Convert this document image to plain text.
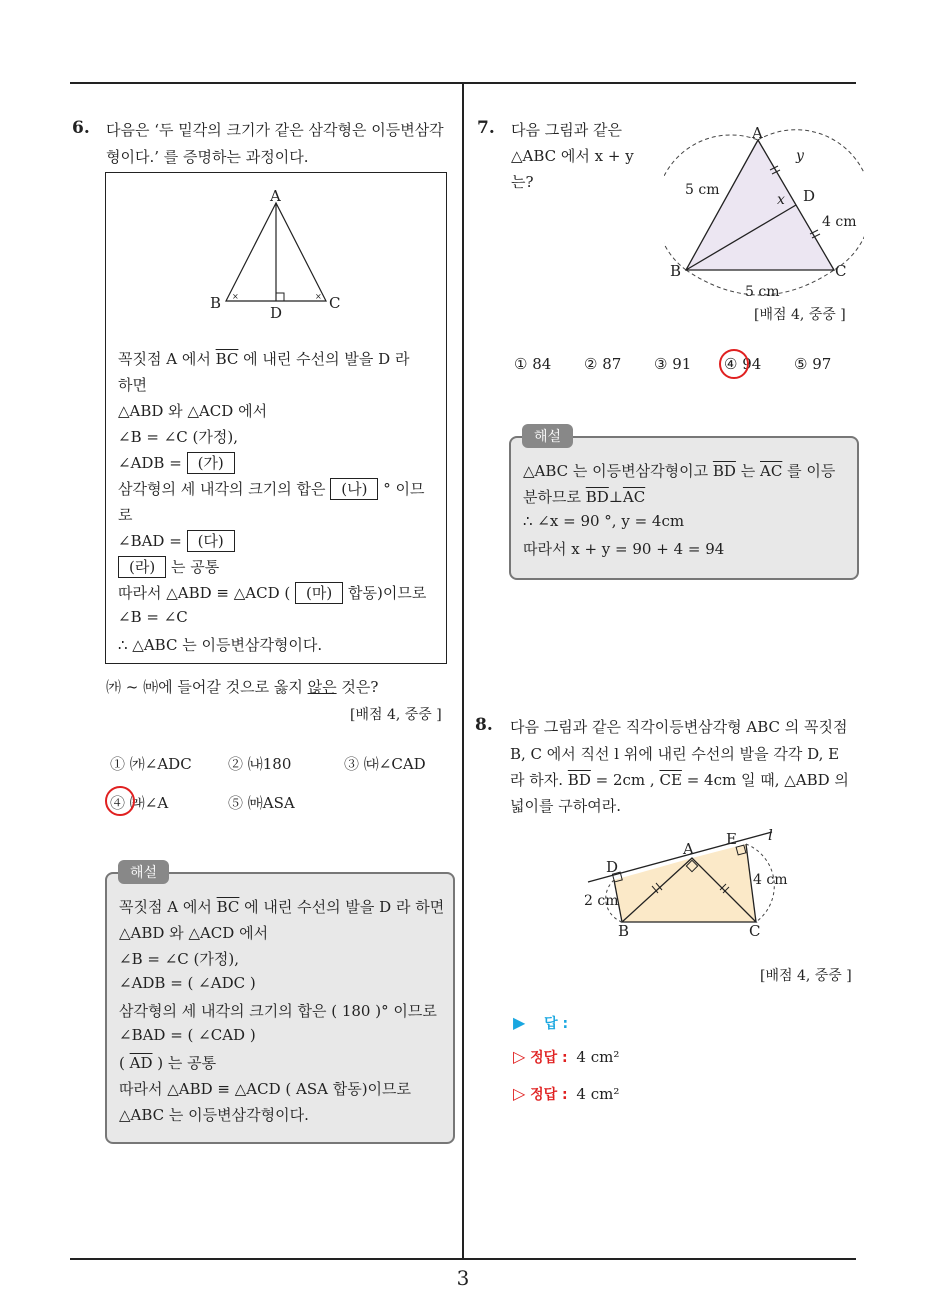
3
6. 다음은 ‘두 밑각의 크기가 같은 삼각형은 이등변삼각
형이다.’ 를 증명하는 과정이다.
×	×
A
B	C
D
꼭짓점 A 에서 $\overline{BC}$ 에 내린 수선의 발을 D 라
하면
△ABD 와 △ACD 에서
∠B = ∠C (가정),
∠ADB = (가)
삼각형의 세 내각의 크기의 합은 (나) ° 이므
로
∠BAD = (다)
(라) 는 공통
따라서 △ABD ≡ △ACD ( (마) 합동)이므로
∠B = ∠C
∴ △ABC 는 이등변삼각형이다.
㈎ ~ ㈒에 들어갈 것으로 옳지 않은 것은?
[배점 4, 중중 ]
① ㈎∠ADC ② ㈏180	③ ㈐∠CAD
④ ㈑∠A	⑤ ㈒ASA
꼭짓점 A 에서 $\overline{BC}$ 에 내린 수선의 발을 D 라 하면
△ABD 와 △ACD 에서
∠B = ∠C (가정),
∠ADB = ( ∠ADC )
삼각형의 세 내각의 크기의 합은 ( 180 )° 이므로
∠BAD = ( ∠CAD )
( $\overline{AD}$ ) 는 공통
따라서 △ABD ≡ △ACD ( ASA 합동)이므로
△ABC 는 이등변삼각형이다.
해설
7. 다음 그림과 같은
△ABC 에서 x + y
는?
A
B	C
D
x
y
5 cm
4 cm
5 cm
[배점 4, 중중 ]
① 84 ② 87 ③ 91 ④ 94 ⑤ 97
△ABC 는 이등변삼각형이고 $\overline{BD}$ 는 $\overline{AC}$ 를 이등
분하므로 $\overline{BD}\perp\overline{AC}$
∴ ∠x = 90 °, y = 4cm
따라서 x + y = 90 + 4 = 94
해설
8. 다음 그림과 같은 직각이등변삼각형 ABC 의 꼭짓점
B, C 에서 직선 l 위에 내린 수선의 발을 각각 D, E
라 하자. $\overline{BD} = 2cm$ , $\overline{CE} = 4cm$ 일 때, △ABD 의
넓이를 구하여라.
D
A
E l
B	C
2 cm
4 cm
[배점 4, 중중 ]
▶ 답 :
▷ 정답 : 4 cm²
▷ 정답 : 4 cm²
